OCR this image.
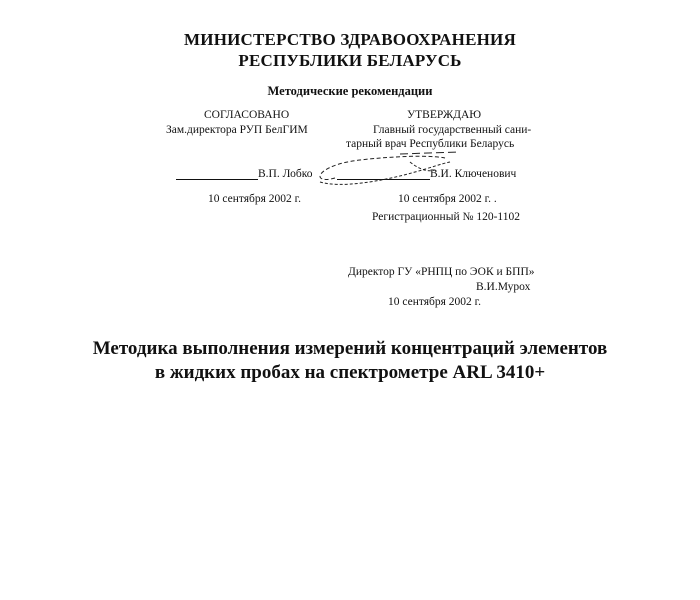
МИНИСТЕРСТВО ЗДРАВООХРАНЕНИЯ
РЕСПУБЛИКИ БЕЛАРУСЬ
Методические рекомендации
СОГЛАСОВАНО
Зам.директора РУП БелГИМ
В.П. Лобко
10 сентября 2002 г.
УТВЕРЖДАЮ
Главный государственный сани-
тарный врач Республики Беларусь
В.И. Ключенович
10 сентября 2002 г. .
Регистрационный № 120-1102
Директор ГУ «РНПЦ по ЭОК и БПП»
В.И.Мурох
10 сентября 2002 г.
Методика выполнения измерений концентраций элементов
в жидких пробах на спектрометре ARL 3410+
